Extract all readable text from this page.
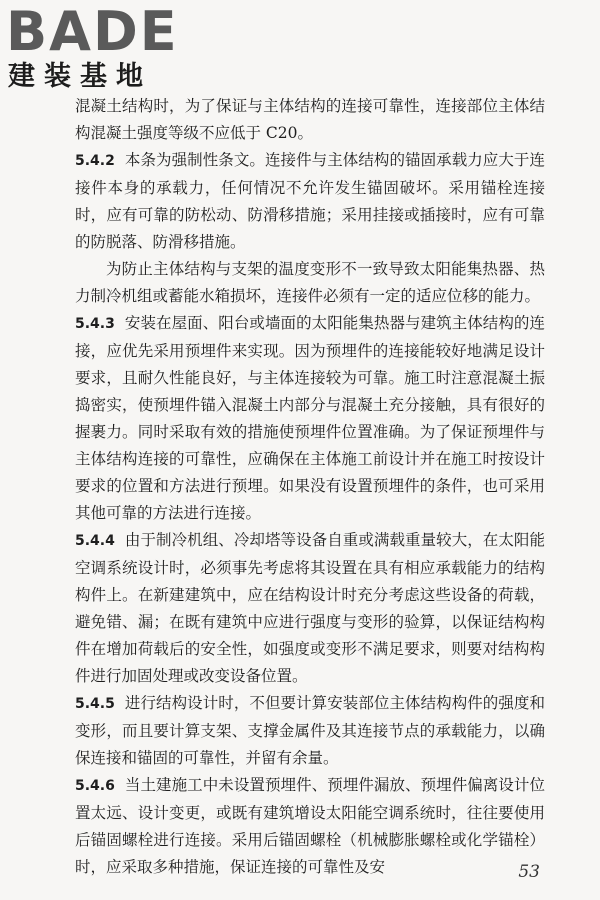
BADE
建装基地

混凝土结构时，为了保证与主体结构的连接可靠性，连接部位主体结构混凝土强度等级不应低于 C20。

5.4.2 本条为强制性条文。连接件与主体结构的锚固承载力应大于连接件本身的承载力，任何情况不允许发生锚固破坏。采用锚栓连接时，应有可靠的防松动、防滑移措施；采用挂接或插接时，应有可靠的防脱落、防滑移措施。

为防止主体结构与支架的温度变形不一致导致太阳能集热器、热力制冷机组或蓄能水箱损坏，连接件必须有一定的适应位移的能力。

5.4.3 安装在屋面、阳台或墙面的太阳能集热器与建筑主体结构的连接，应优先采用预埋件来实现。因为预埋件的连接能较好地满足设计要求，且耐久性能良好，与主体连接较为可靠。施工时注意混凝土振捣密实，使预埋件锚入混凝土内部分与混凝土充分接触，具有很好的握裹力。同时采取有效的措施使预埋件位置准确。为了保证预埋件与主体结构连接的可靠性，应确保在主体施工前设计并在施工时按设计要求的位置和方法进行预埋。如果没有设置预埋件的条件，也可采用其他可靠的方法进行连接。

5.4.4 由于制冷机组、冷却塔等设备自重或满载重量较大，在太阳能空调系统设计时，必须事先考虑将其设置在具有相应承载能力的结构构件上。在新建建筑中，应在结构设计时充分考虑这些设备的荷载，避免错、漏；在既有建筑中应进行强度与变形的验算，以保证结构构件在增加荷载后的安全性，如强度或变形不满足要求，则要对结构构件进行加固处理或改变设备位置。

5.4.5 进行结构设计时，不但要计算安装部位主体结构构件的强度和变形，而且要计算支架、支撑金属件及其连接节点的承载能力，以确保连接和锚固的可靠性，并留有余量。

5.4.6 当土建施工中未设置预埋件、预埋件漏放、预埋件偏离设计位置太远、设计变更，或既有建筑增设太阳能空调系统时，往往要使用后锚固螺栓进行连接。采用后锚固螺栓（机械膨胀螺栓或化学锚栓）时，应采取多种措施，保证连接的可靠性及安	53
